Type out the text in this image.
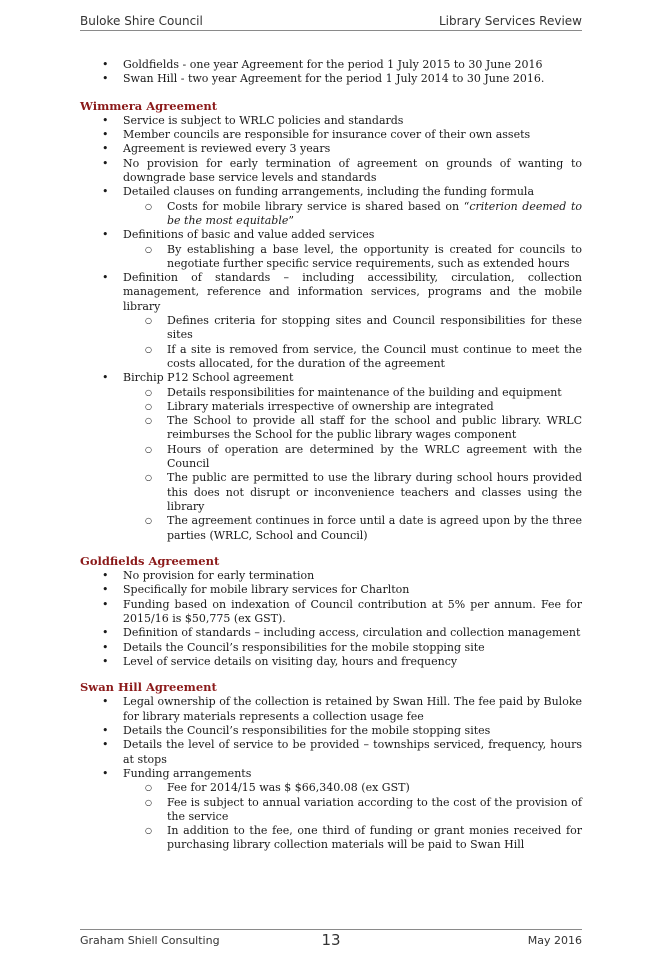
Buloke Shire Council	Library Services Review
• Goldfields - one year Agreement for the period 1 July 2015 to 30 June 2016
• Swan Hill - two year Agreement for the period 1 July 2014 to 30 June 2016.
Wimmera Agreement
• Service is subject to WRLC policies and standards
• Member councils are responsible for insurance cover of their own assets
• Agreement is reviewed every 3 years
• No provision for early termination of agreement on grounds of wanting to downgrade base service levels and standards
• Detailed clauses on funding arrangements, including the funding formula
○ Costs for mobile library service is shared based on “criterion deemed to be the most equitable”
• Definitions of basic and value added services
○ By establishing a base level, the opportunity is created for councils to negotiate further specific service requirements, such as extended hours
• Definition of standards – including accessibility, circulation, collection management, reference and information services, programs and the mobile library
○ Defines criteria for stopping sites and Council responsibilities for these sites
○ If a site is removed from service, the Council must continue to meet the costs allocated, for the duration of the agreement
• Birchip P12 School agreement
○ Details responsibilities for maintenance of the building and equipment
○ Library materials irrespective of ownership are integrated
○ The School to provide all staff for the school and public library. WRLC reimburses the School for the public library wages component
○ Hours of operation are determined by the WRLC agreement with the Council
○ The public are permitted to use the library during school hours provided this does not disrupt or inconvenience teachers and classes using the library
○ The agreement continues in force until a date is agreed upon by the three parties (WRLC, School and Council)
Goldfields Agreement
• No provision for early termination
• Specifically for mobile library services for Charlton
• Funding based on indexation of Council contribution at 5% per annum. Fee for 2015/16 is $50,775 (ex GST).
• Definition of standards – including access, circulation and collection management
• Details the Council’s responsibilities for the mobile stopping site
• Level of service details on visiting day, hours and frequency
Swan Hill Agreement
• Legal ownership of the collection is retained by Swan Hill. The fee paid by Buloke for library materials represents a collection usage fee
• Details the Council’s responsibilities for the mobile stopping sites
• Details the level of service to be provided – townships serviced, frequency, hours at stops
• Funding arrangements
○ Fee for 2014/15 was $ $66,340.08 (ex GST)
○ Fee is subject to annual variation according to the cost of the provision of the service
○ In addition to the fee, one third of funding or grant monies received for purchasing library collection materials will be paid to Swan Hill
Graham Shiell Consulting	13	May 2016
